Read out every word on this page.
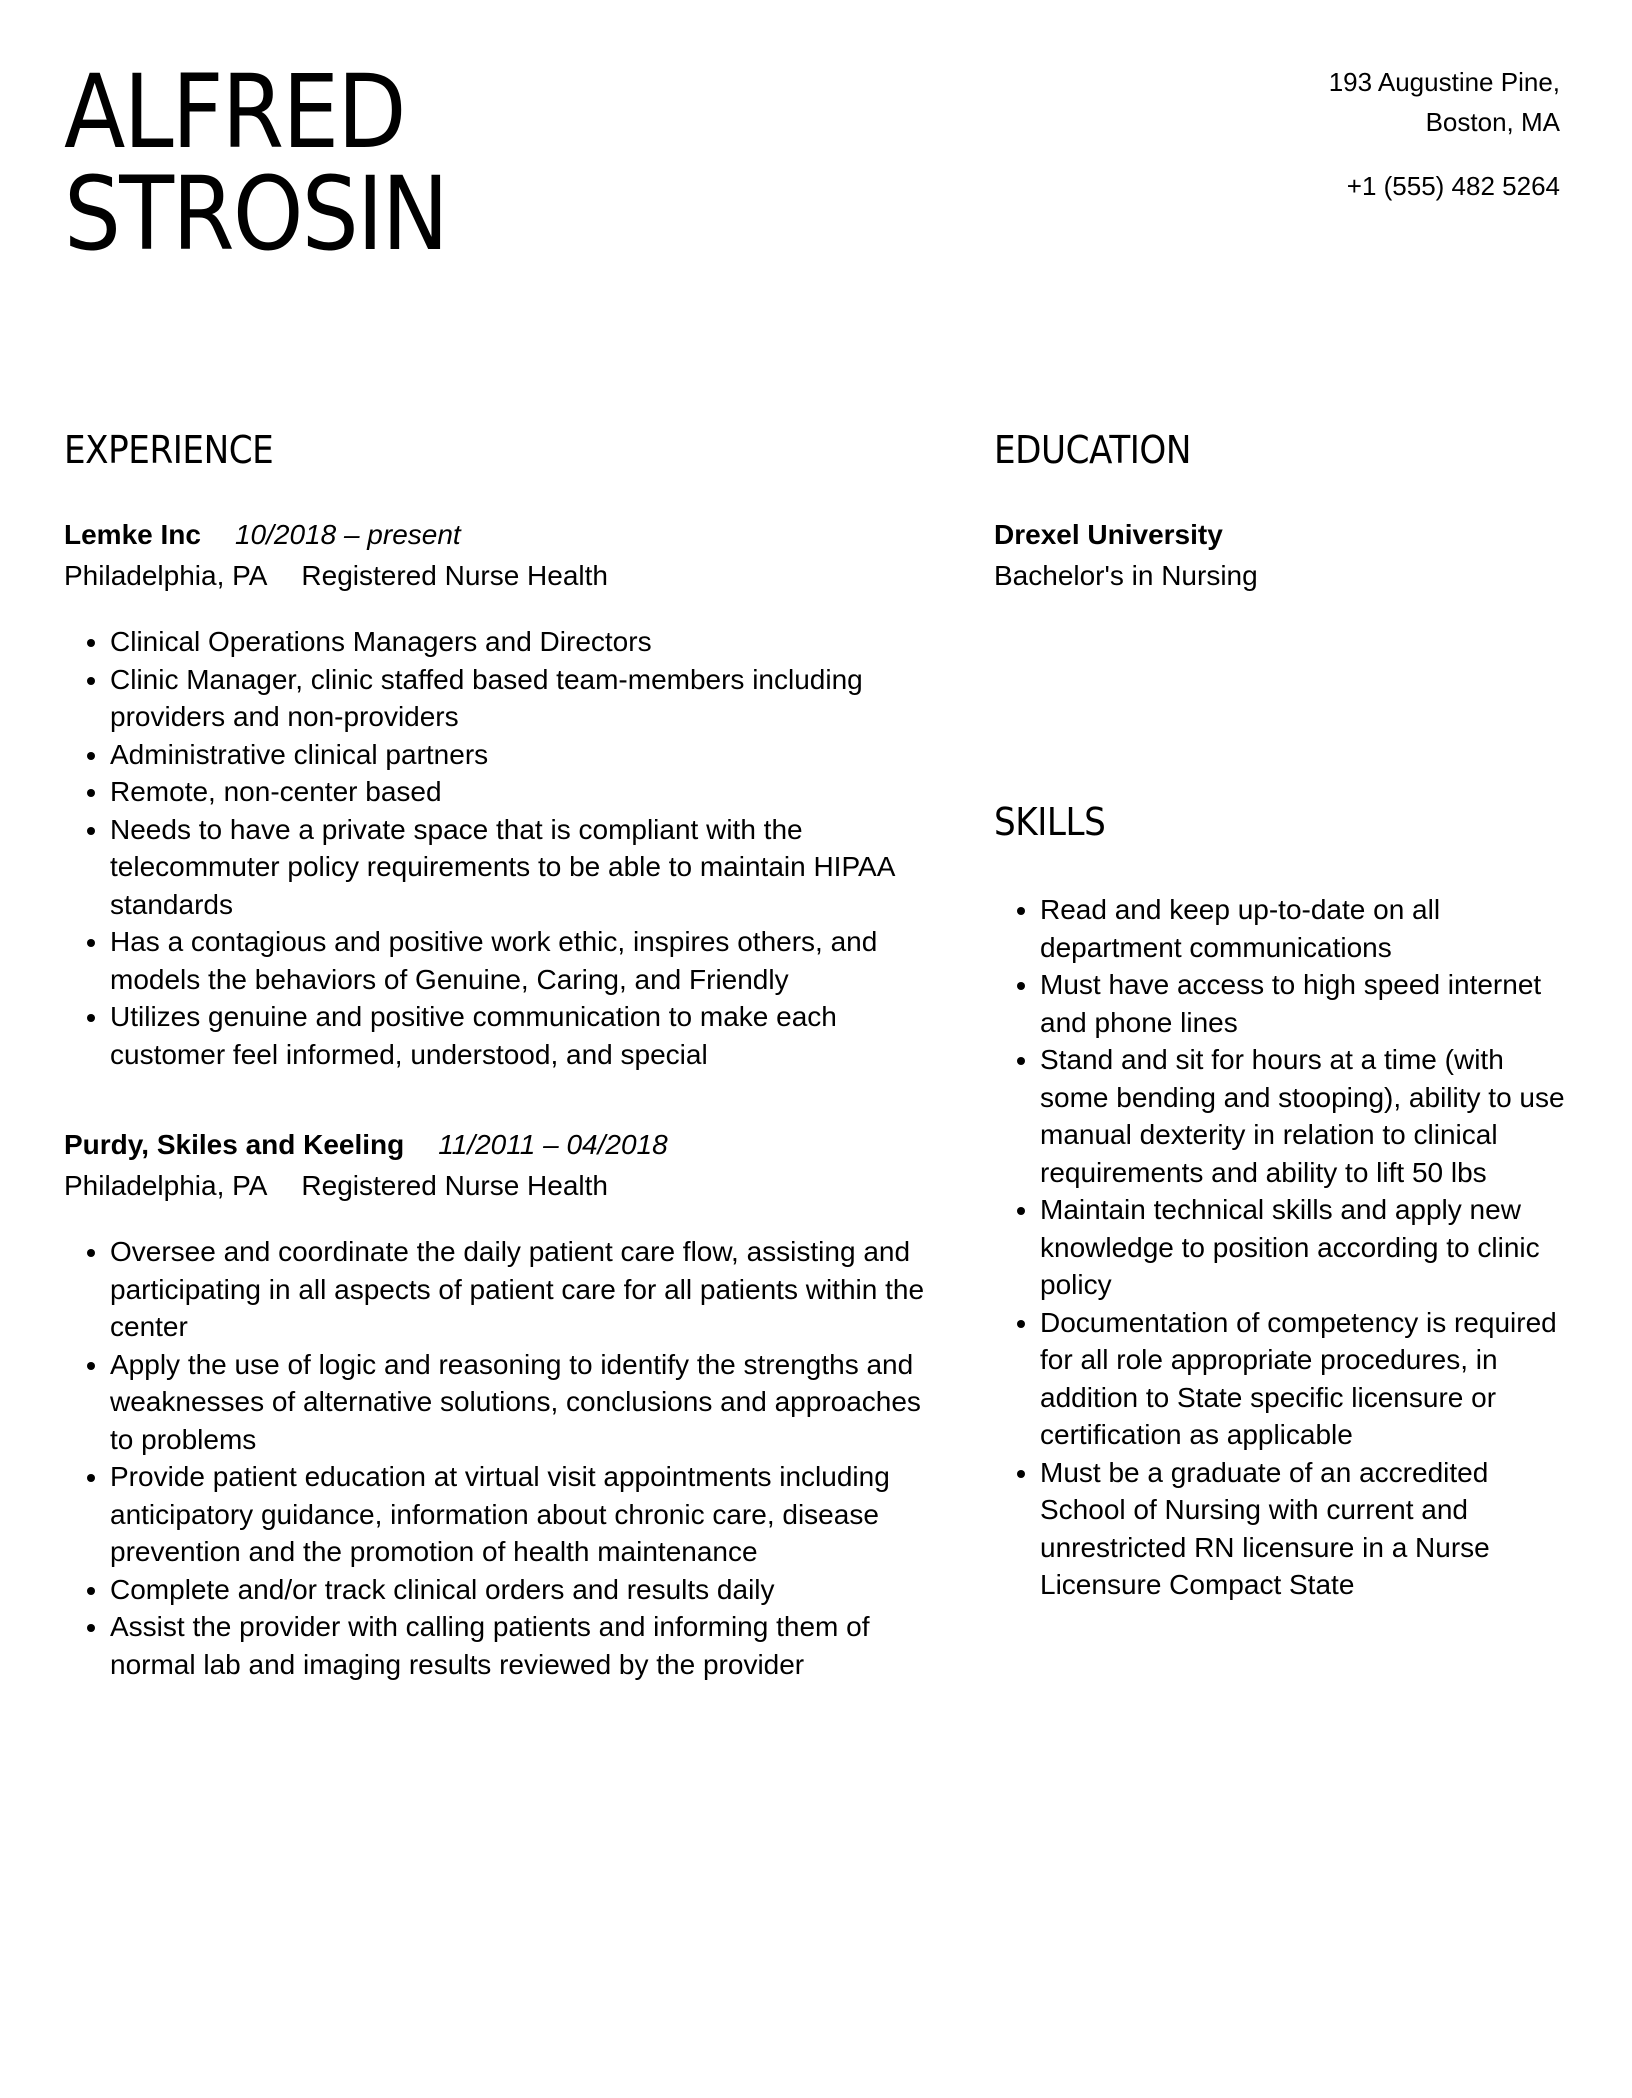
ALFRED
STROSIN
193 Augustine Pine,
Boston, MA
+1 (555) 482 5264
EXPERIENCE
Lemke Inc 10/2018 – present
Philadelphia, PA Registered Nurse Health
• Clinical Operations Managers and Directors
• Clinic Manager, clinic staffed based team-members including providers and non-providers
• Administrative clinical partners
• Remote, non-center based
• Needs to have a private space that is compliant with the telecommuter policy requirements to be able to maintain HIPAA standards
• Has a contagious and positive work ethic, inspires others, and models the behaviors of Genuine, Caring, and Friendly
• Utilizes genuine and positive communication to make each customer feel informed, understood, and special
Purdy, Skiles and Keeling 11/2011 – 04/2018
Philadelphia, PA Registered Nurse Health
• Oversee and coordinate the daily patient care flow, assisting and participating in all aspects of patient care for all patients within the center
• Apply the use of logic and reasoning to identify the strengths and weaknesses of alternative solutions, conclusions and approaches to problems
• Provide patient education at virtual visit appointments including anticipatory guidance, information about chronic care, disease prevention and the promotion of health maintenance
• Complete and/or track clinical orders and results daily
• Assist the provider with calling patients and informing them of normal lab and imaging results reviewed by the provider
EDUCATION
Drexel University
Bachelor's in Nursing
SKILLS
• Read and keep up-to-date on all department communications
• Must have access to high speed internet and phone lines
• Stand and sit for hours at a time (with some bending and stooping), ability to use manual dexterity in relation to clinical requirements and ability to lift 50 lbs
• Maintain technical skills and apply new knowledge to position according to clinic policy
• Documentation of competency is required for all role appropriate procedures, in addition to State specific licensure or certification as applicable
• Must be a graduate of an accredited School of Nursing with current and unrestricted RN licensure in a Nurse Licensure Compact State
